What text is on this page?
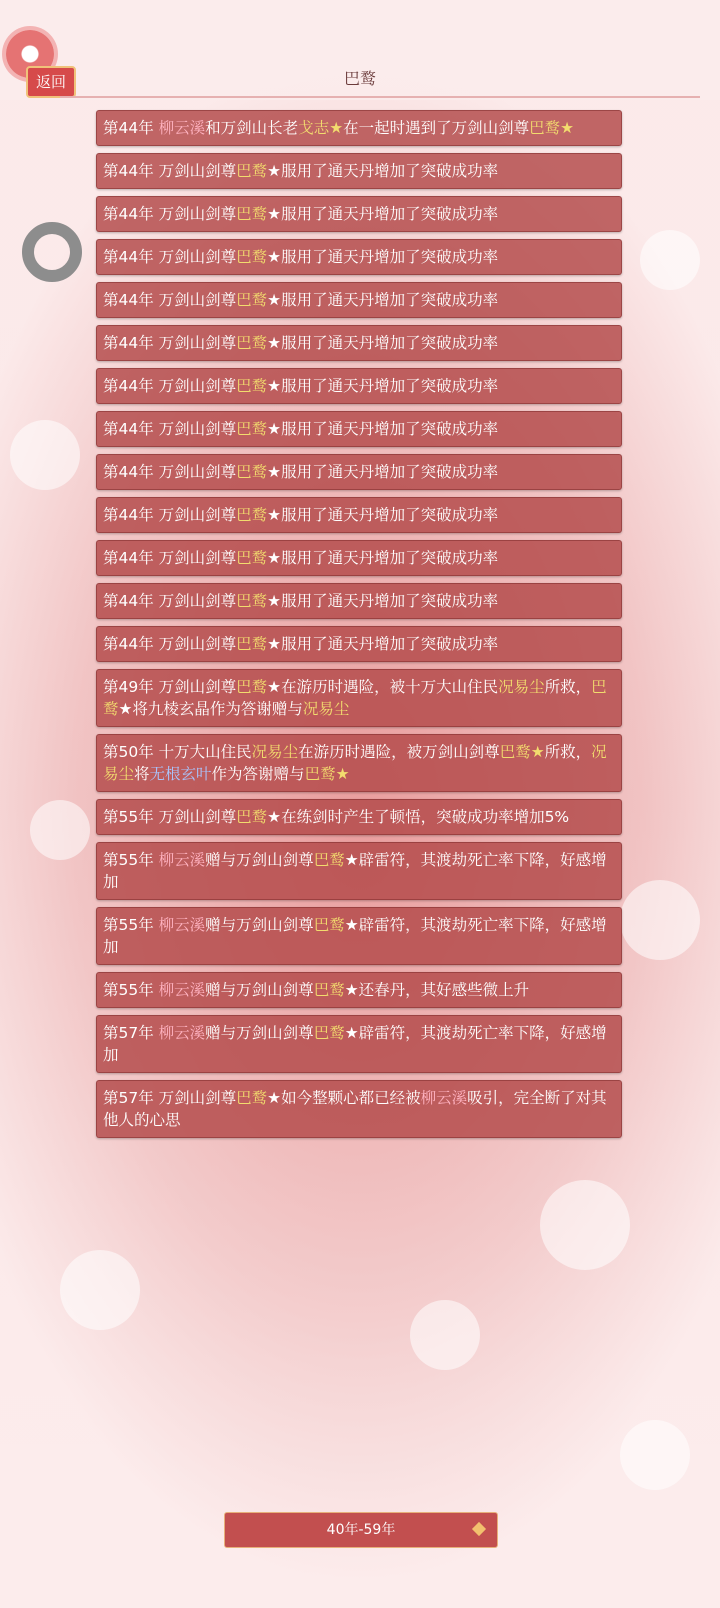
返回	巴鹜
第44年 柳云溪和万剑山长老戈志★在一起时遇到了万剑山剑尊巴鹜★
第44年 万剑山剑尊巴鹜★服用了通天丹增加了突破成功率
第44年 万剑山剑尊巴鹜★服用了通天丹增加了突破成功率
第44年 万剑山剑尊巴鹜★服用了通天丹增加了突破成功率
第44年 万剑山剑尊巴鹜★服用了通天丹增加了突破成功率
第44年 万剑山剑尊巴鹜★服用了通天丹增加了突破成功率
第44年 万剑山剑尊巴鹜★服用了通天丹增加了突破成功率
第44年 万剑山剑尊巴鹜★服用了通天丹增加了突破成功率
第44年 万剑山剑尊巴鹜★服用了通天丹增加了突破成功率
第44年 万剑山剑尊巴鹜★服用了通天丹增加了突破成功率
第44年 万剑山剑尊巴鹜★服用了通天丹增加了突破成功率
第44年 万剑山剑尊巴鹜★服用了通天丹增加了突破成功率
第44年 万剑山剑尊巴鹜★服用了通天丹增加了突破成功率
第49年 万剑山剑尊巴鹜★在游历时遇险，被十万大山住民况易尘所救，巴鹜★将九棱玄晶作为答谢赠与况易尘
第50年 十万大山住民况易尘在游历时遇险，被万剑山剑尊巴鹜★所救，况易尘将无根玄叶作为答谢赠与巴鹜★
第55年 万剑山剑尊巴鹜★在练剑时产生了顿悟，突破成功率增加5%
第55年 柳云溪赠与万剑山剑尊巴鹜★辟雷符，其渡劫死亡率下降，好感增加
第55年 柳云溪赠与万剑山剑尊巴鹜★辟雷符，其渡劫死亡率下降，好感增加
第55年 柳云溪赠与万剑山剑尊巴鹜★还春丹，其好感些微上升
第57年 柳云溪赠与万剑山剑尊巴鹜★辟雷符，其渡劫死亡率下降，好感增加
第57年 万剑山剑尊巴鹜★如今整颗心都已经被柳云溪吸引，完全断了对其他人的心思
40年-59年
